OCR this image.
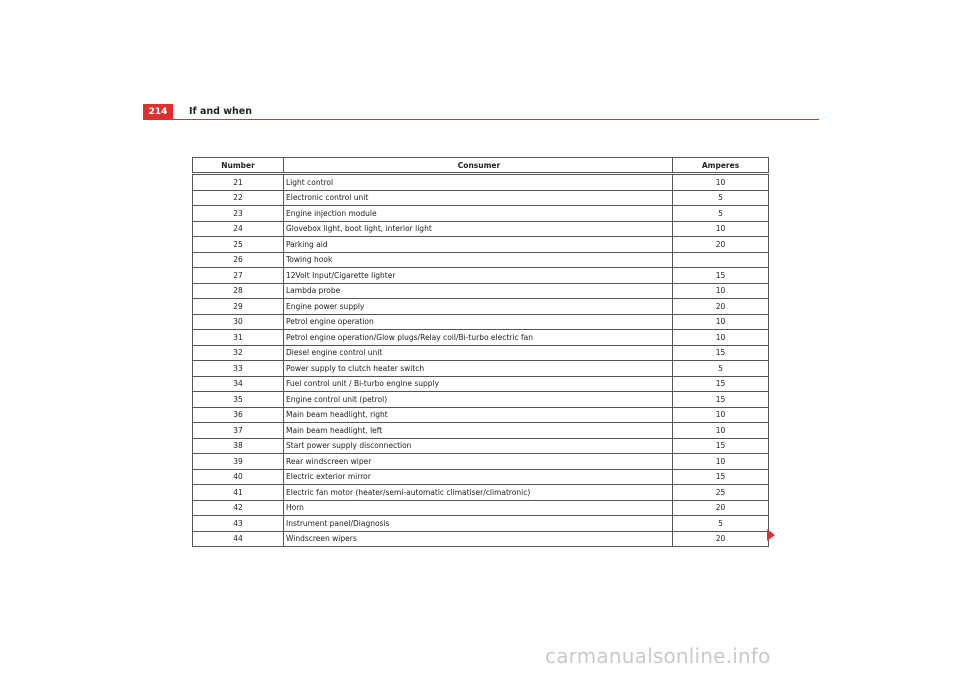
214	If and when
Number	Consumer	Amperes
21	Light control	10
22	Electronic control unit	5
23	Engine injection module	5
24	Glovebox light, boot light, interior light	10
25	Parking aid	20
26	Towing hook	
27	12Volt Input/Cigarette lighter	15
28	Lambda probe	10
29	Engine power supply	20
30	Petrol engine operation	10
31	Petrol engine operation/Glow plugs/Relay coil/Bi-turbo electric fan	10
32	Diesel engine control unit	15
33	Power supply to clutch heater switch	5
34	Fuel control unit / Bi-turbo engine supply	15
35	Engine control unit (petrol)	15
36	Main beam headlight, right	10
37	Main beam headlight, left	10
38	Start power supply disconnection	15
39	Rear windscreen wiper	10
40	Electric exterior mirror	15
41	Electric fan motor (heater/semi-automatic climatiser/climatronic)	25
42	Horn	20
43	Instrument panel/Diagnosis	5
44	Windscreen wipers	20
carmanualsonline.info
